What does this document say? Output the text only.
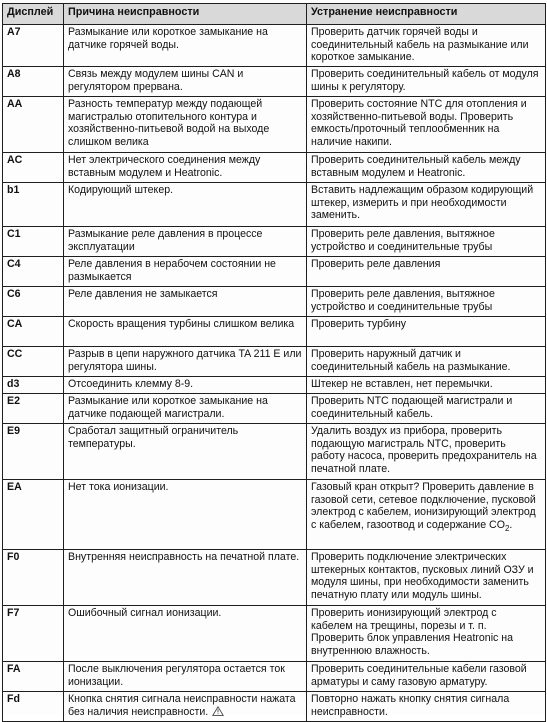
Дисплей	Причина неисправности	Устранение неисправности
A7	Размыкание или короткое замыкание на датчике горячей воды.	Проверить датчик горячей воды и соединительный кабель на размыкание или короткое замыкание.
A8	Связь между модулем шины CAN и регулятором прервана.	Проверить соединительный кабель от модуля шины к регулятору.
AA	Разность температур между подающей магистралью отопительного контура и хозяйственно-питьевой водой на выходе слишком велика	Проверить состояние NTC для отопления и хозяйственно-питьевой воды. Проверить емкость/проточный теплообменник на наличие накипи.
AC	Нет электрического соединения между вставным модулем и Heatronic.	Проверить соединительный кабель между вставным модулем и Heatronic.
b1	Кодирующий штекер.	Вставить надлежащим образом кодирующий штекер, измерить и при необходимости заменить.
C1	Размыкание реле давления в процессе эксплуатации	Проверить реле давления, вытяжное устройство и соединительные трубы
C4	Реле давления в нерабочем состоянии не размыкается	Проверить реле давления
C6	Реле давления не замыкается	Проверить реле давления, вытяжное устройство и соединительные трубы
CA	Скорость вращения турбины слишком велика	Проверить турбину
CC	Разрыв в цепи наружного датчика TA 211 E или регулятора шины.	Проверить наружный датчик и соединительный кабель на размыкание.
d3	Отсоединить клемму 8-9.	Штекер не вставлен, нет перемычки.
E2	Размыкание или короткое замыкание на датчике подающей магистрали.	Проверить NTC подающей магистрали и соединительный кабель.
E9	Сработал защитный ограничитель температуры.	Удалить воздух из прибора, проверить подающую магистраль NTC, проверить работу насоса, проверить предохранитель на печатной плате.
EA	Нет тока ионизации.	Газовый кран открыт? Проверить давление в газовой сети, сетевое подключение, пусковой электрод с кабелем, ионизирующий электрод с кабелем, газоотвод и содержание $CO_2$.
F0	Внутренняя неисправность на печатной плате.	Проверить подключение электрических штекерных контактов, пусковых линий ОЗУ и модуля шины, при необходимости заменить печатную плату или модуль шины.
F7	Ошибочный сигнал ионизации.	Проверить ионизирующий электрод с кабелем на трещины, порезы и т. п. Проверить блок управления Heatronic на внутреннюю влажность.
FA	После выключения регулятора остается ток ионизации.	Проверить соединительные кабели газовой арматуры и саму газовую арматуру.
Fd	Кнопка снятия сигнала неисправности нажата без наличия неисправности.	Повторно нажать кнопку снятия сигнала неисправности.
